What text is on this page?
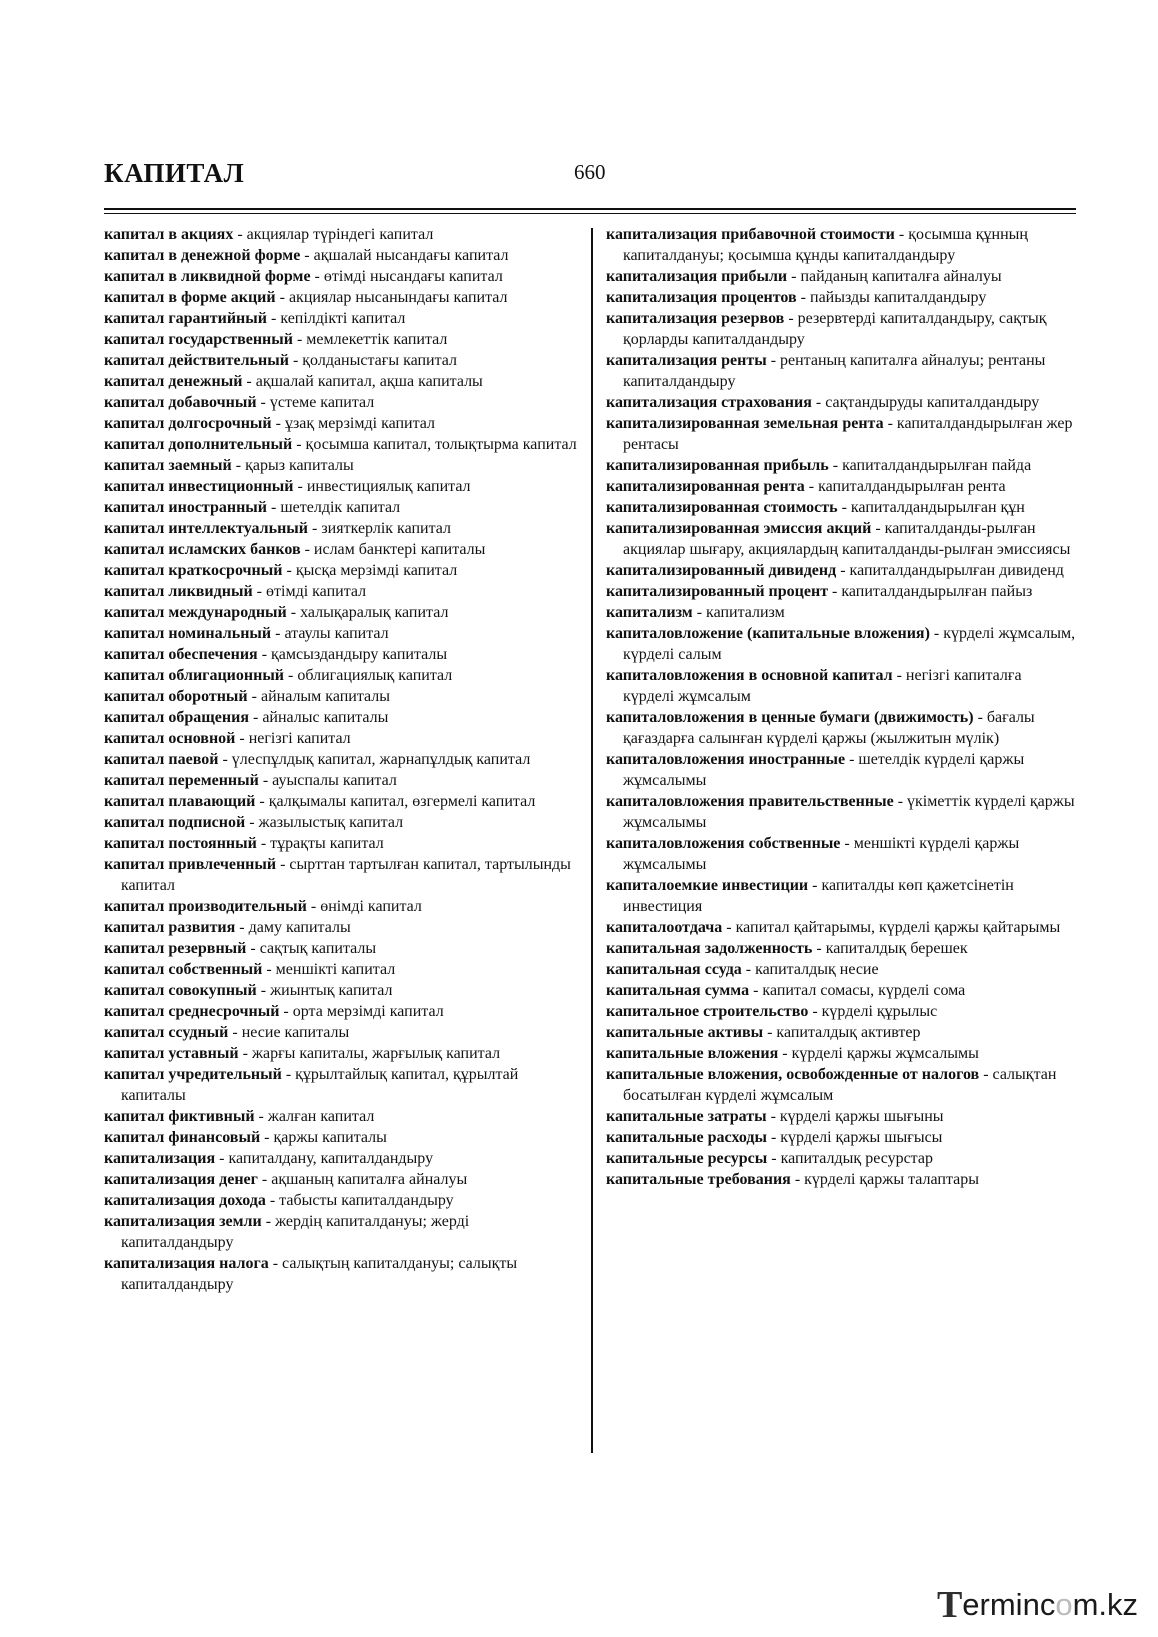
КАПИТАЛ	660

капитал в акциях - акциялар түріндегі капитал

капитал в денежной форме - ақшалай нысандағы капитал

капитал в ликвидной форме - өтімді нысандағы капитал

капитал в форме акций - акциялар нысанындағы капитал

капитал гарантийный - кепілдікті капитал

капитал государственный - мемлекеттік капитал

капитал действительный - қолданыстағы капитал

капитал денежный - ақшалай капитал, ақша капиталы

капитал добавочный - үстеме капитал

капитал долгосрочный - ұзақ мерзімді капитал

капитал дополнительный - қосымша капитал, толықтырма капитал

капитал заемный - қарыз капиталы

капитал инвестиционный - инвестициялық капитал

капитал иностранный - шетелдік капитал

капитал интеллектуальный - зияткерлік капитал

капитал исламских банков - ислам банктері капиталы

капитал краткосрочный - қысқа мерзімді капитал

капитал ликвидный - өтімді капитал

капитал международный - халықаралық капитал

капитал номинальный - атаулы капитал

капитал обеспечения - қамсыздандыру капиталы

капитал облигационный - облигациялық капитал

капитал оборотный - айналым капиталы

капитал обращения - айналыс капиталы

капитал основной - негізгі капитал

капитал паевой - үлеспұлдық капитал, жарнапұлдық капитал

капитал переменный - ауыспалы капитал

капитал плавающий - қалқымалы капитал, өзгермелі капитал

капитал подписной - жазылыстық капитал

капитал постоянный - тұрақты капитал

капитал привлеченный - сырттан тартылған капитал, тартылынды капитал

капитал производительный - өнімді капитал

капитал развития - даму капиталы

капитал резервный - сақтық капиталы

капитал собственный - меншікті капитал

капитал совокупный - жиынтық капитал

капитал среднесрочный - орта мерзімді капитал

капитал ссудный - несие капиталы

капитал уставный - жарғы капиталы, жарғылық капитал

капитал учредительный - құрылтайлық капитал, құрылтай капиталы

капитал фиктивный - жалған капитал

капитал финансовый - қаржы капиталы

капитализация - капиталдану, капиталдандыру

капитализация денег - ақшаның капиталға айналуы

капитализация дохода - табысты капиталдандыру

капитализация земли - жердің капиталдануы; жерді капиталдандыру

капитализация налога - салықтың капиталдануы; салықты капиталдандыру

капитализация прибавочной стоимости - қосымша құнның капиталдануы; қосымша құнды капиталдандыру

капитализация прибыли - пайданың капиталға айналуы

капитализация процентов - пайызды капиталдандыру

капитализация резервов - резервтерді капиталдандыру, сақтық қорларды капиталдандыру

капитализация ренты - рентаның капиталға айналуы; рентаны капиталдандыру

капитализация страхования - сақтандыруды капиталдандыру

капитализированная земельная рента - капиталдандырылған жер рентасы

капитализированная прибыль - капиталдандырылған пайда

капитализированная рента - капиталдандырылған рента

капитализированная стоимость - капиталдандырылған құн

капитализированная эмиссия акций - капиталданды-рылған акциялар шығару, акциялардың капиталданды-рылған эмиссиясы

капитализированный дивиденд - капиталдандырылған дивиденд

капитализированный процент - капиталдандырылған пайыз

капитализм - капитализм

капиталовложение (капитальные вложения) - күрделі жұмсалым, күрделі салым

капиталовложения в основной капитал - негізгі капиталға күрделі жұмсалым

капиталовложения в ценные бумаги (движимость) - бағалы қағаздарға салынған күрделі қаржы (жылжитын мүлік)

капиталовложения иностранные - шетелдік күрделі қаржы жұмсалымы

капиталовложения правительственные - үкіметтік күрделі қаржы жұмсалымы

капиталовложения собственные - меншікті күрделі қаржы жұмсалымы

капиталоемкие инвестиции - капиталды көп қажетсінетін инвестиция

капиталоотдача - капитал қайтарымы, күрделі қаржы қайтарымы

капитальная задолженность - капиталдық берешек

капитальная ссуда - капиталдық несие

капитальная сумма - капитал сомасы, күрделі сома

капитальное строительство - күрделі құрылыс

капитальные активы - капиталдық активтер

капитальные вложения - күрделі қаржы жұмсалымы

капитальные вложения, освобожденные от налогов - салықтан босатылған күрделі жұмсалым

капитальные затраты - күрделі қаржы шығыны

капитальные расходы - күрделі қаржы шығысы

капитальные ресурсы - капиталдық ресурстар

капитальные требования - күрделі қаржы талаптары

T ermin c o m.kz
